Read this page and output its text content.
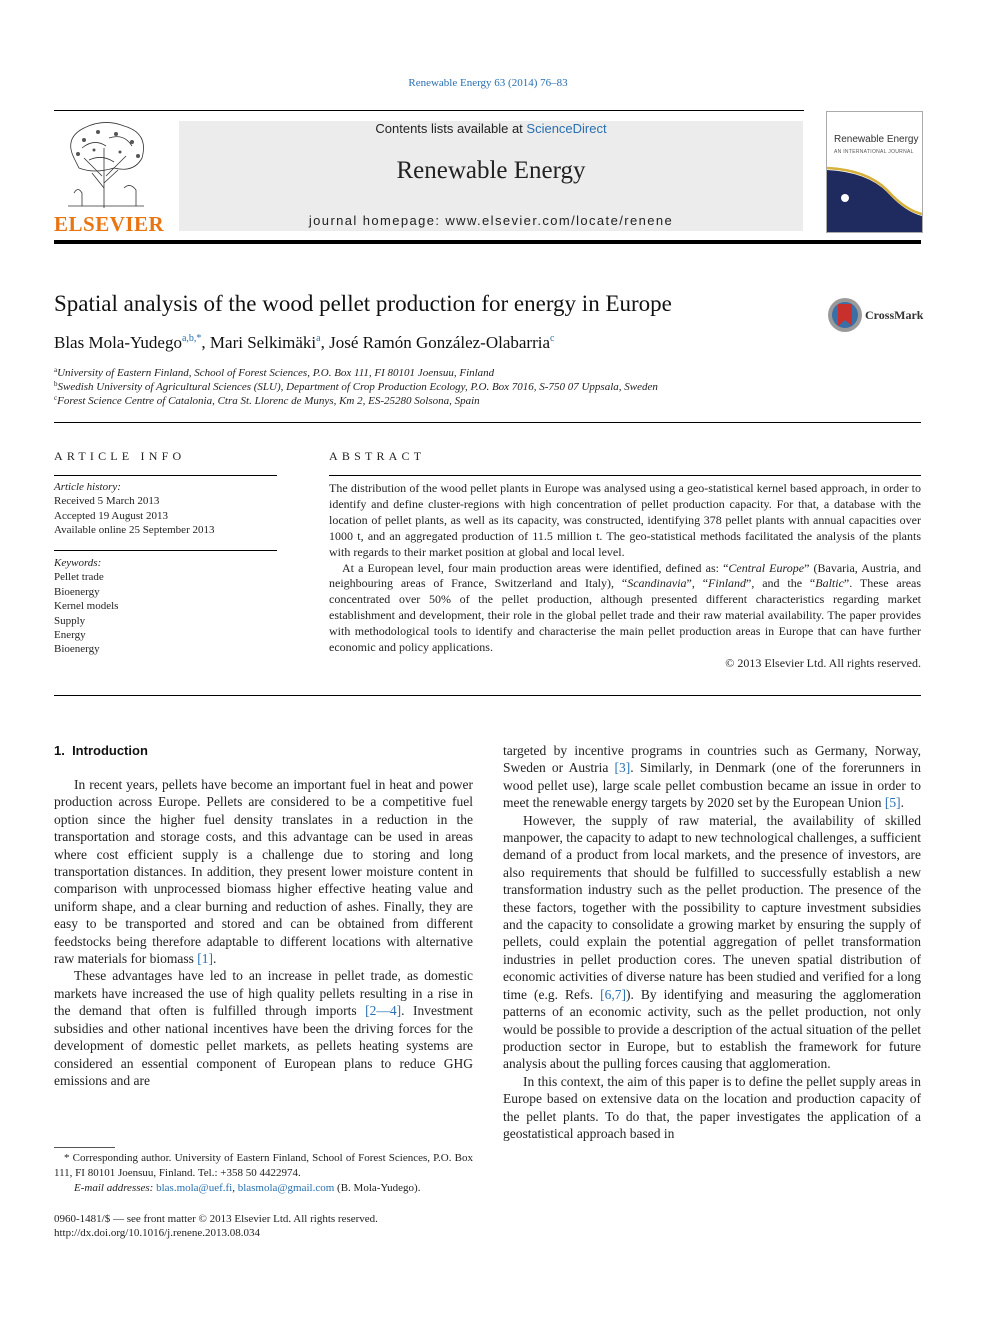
Renewable Energy 63 (2014) 76–83
ELSEVIER
Contents lists available at ScienceDirect
Renewable Energy
journal homepage: www.elsevier.com/locate/renene
Renewable Energy
AN INTERNATIONAL JOURNAL
Spatial analysis of the wood pellet production for energy in Europe	CrossMark
Blas Mola-Yudego$^{a,b,*}$, Mari Selkimäki$^a$, José Ramón González-Olabarria$^c$
$^a$University of Eastern Finland, School of Forest Sciences, P.O. Box 111, FI 80101 Joensuu, Finland
$^b$Swedish University of Agricultural Sciences (SLU), Department of Crop Production Ecology, P.O. Box 7016, S-750 07 Uppsala, Sweden
$^c$Forest Science Centre of Catalonia, Ctra St. Llorenc de Munys, Km 2, ES-25280 Solsona, Spain
ARTICLE INFO
Article history:
Received 5 March 2013
Accepted 19 August 2013
Available online 25 September 2013
Keywords:
Pellet trade
Bioenergy
Kernel models
Supply
Energy
Bioenergy
ABSTRACT

The distribution of the wood pellet plants in Europe was analysed using a geo-statistical kernel based approach, in order to identify and define cluster-regions with high concentration of pellet production capacity. For that, a database with the location of pellet plants, as well as its capacity, was constructed, identifying 378 pellet plants with annual capacities over 1000 t, and an aggregated production of 11.5 million t. The geo-statistical methods facilitated the analysis of the plants with regards to their market position at global and local level.

At a European level, four main production areas were identified, defined as: “Central Europe” (Bavaria, Austria, and neighbouring areas of France, Switzerland and Italy), “Scandinavia”, “Finland”, and the “Baltic”. These areas concentrated over 50% of the pellet production, although presented different characteristics regarding market establishment and development, their role in the global pellet trade and their raw material availability. The paper provides with methodological tools to identify and characterise the main pellet production areas in Europe that can have further economic and policy applications.

© 2013 Elsevier Ltd. All rights reserved.

1.  Introduction

In recent years, pellets have become an important fuel in heat and power production across Europe. Pellets are considered to be a competitive fuel option since the higher fuel density translates in a reduction in the transportation and storage costs, and this advantage can be used in areas where cost efficient supply is a challenge due to storing and long transportation distances. In addition, they present lower moisture content in comparison with unprocessed biomass higher effective heating value and uniform shape, and a clear burning and reduction of ashes. Finally, they are easy to be transported and stored and can be obtained from different feedstocks being therefore adaptable to different locations with alternative raw materials for biomass [1].

These advantages have led to an increase in pellet trade, as domestic markets have increased the use of high quality pellets resulting in a rise in the demand that often is fulfilled through imports [2—4]. Investment subsidies and other national incentives have been the driving forces for the development of domestic pellet markets, as pellets heating systems are considered an essential component of European plans to reduce GHG emissions and are

targeted by incentive programs in countries such as Germany, Norway, Sweden or Austria [3]. Similarly, in Denmark (one of the forerunners in wood pellet use), large scale pellet combustion became an issue in order to meet the renewable energy targets by 2020 set by the European Union [5].

However, the supply of raw material, the availability of skilled manpower, the capacity to adapt to new technological challenges, a sufficient demand of a product from local markets, and the presence of investors, are also requirements that should be fulfilled to successfully establish a new transformation industry such as the pellet production. The presence of the these factors, together with the possibility to capture investment subsidies and the capacity to consolidate a growing market by ensuring the supply of pellets, could explain the potential aggregation of pellet transformation industries in pellet production cores. The uneven spatial distribution of economic activities of diverse nature has been studied and verified for a long time (e.g. Refs. [6,7]). By identifying and measuring the agglomeration patterns of an economic activity, such as the pellet production, not only would be possible to provide a description of the actual situation of the pellet production sector in Europe, but to establish the framework for future analysis about the pulling forces causing that agglomeration.

In this context, the aim of this paper is to define the pellet supply areas in Europe based on extensive data on the location and production capacity of the pellet plants. To do that, the paper investigates the application of a geostatistical approach based in

* Corresponding author. University of Eastern Finland, School of Forest Sciences, P.O. Box 111, FI 80101 Joensuu, Finland. Tel.: +358 50 4422974.
E-mail addresses: blas.mola@uef.fi, blasmola@gmail.com (B. Mola-Yudego).
0960-1481/$ — see front matter © 2013 Elsevier Ltd. All rights reserved.
http://dx.doi.org/10.1016/j.renene.2013.08.034
